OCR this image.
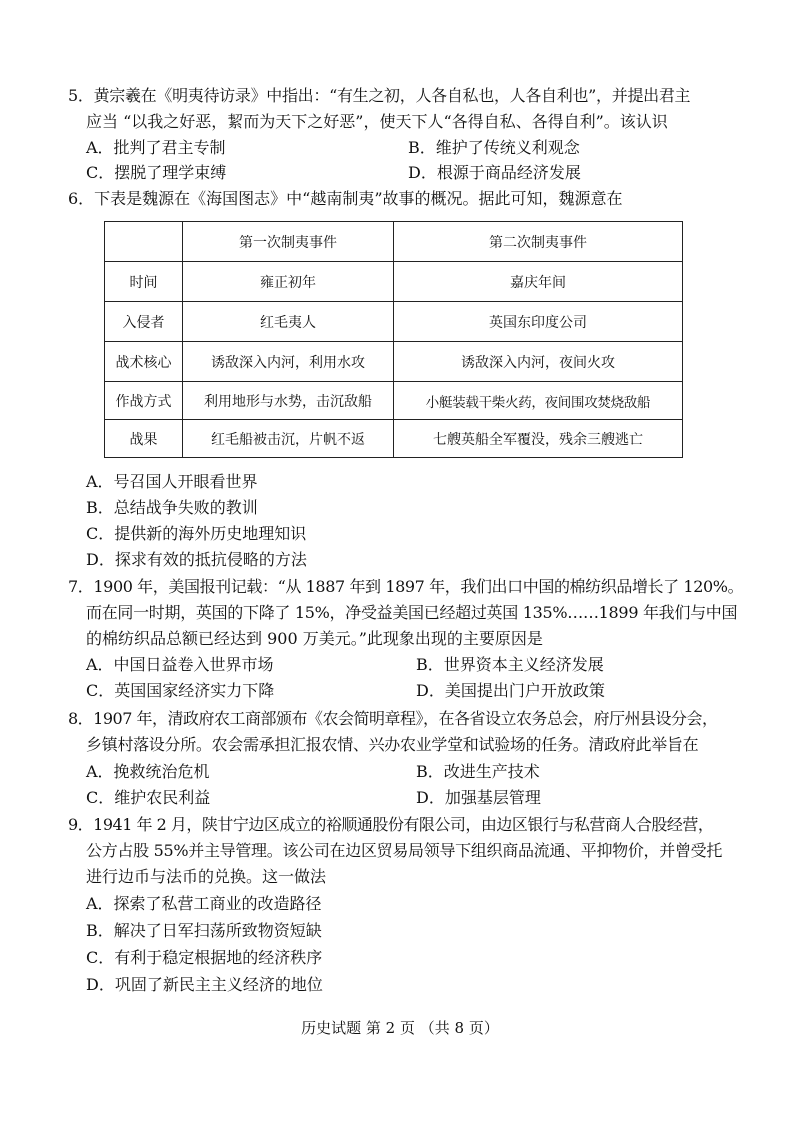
5．黄宗羲在《明夷待访录》中指出：“有生之初，人各自私也，人各自利也”，并提出君主
应当 “以我之好恶，絜而为天下之好恶”，使天下人“各得自私、各得自利”。该认识
A．批判了君主专制	B．维护了传统义利观念
C．摆脱了理学束缚	D．根源于商品经济发展
6．下表是魏源在《海国图志》中“越南制夷”故事的概况。据此可知，魏源意在
	第一次制夷事件	第二次制夷事件
时间	雍正初年	嘉庆年间
入侵者	红毛夷人	英国东印度公司
战术核心	诱敌深入内河，利用水攻	诱敌深入内河，夜间火攻
作战方式	利用地形与水势，击沉敌船	小艇装载干柴火药，夜间围攻焚烧敌船
战果	红毛船被击沉，片帆不返	七艘英船全军覆没，残余三艘逃亡
A．号召国人开眼看世界
B．总结战争失败的教训
C．提供新的海外历史地理知识
D．探求有效的抵抗侵略的方法
7．1900 年，美国报刊记载：“从 1887 年到 1897 年，我们出口中国的棉纺织品增长了 120%。
而在同一时期，英国的下降了 15%，净受益美国已经超过英国 135%……1899 年我们与中国
的棉纺织品总额已经达到 900 万美元。”此现象出现的主要原因是
A．中国日益卷入世界市场	B．世界资本主义经济发展
C．英国国家经济实力下降	D．美国提出门户开放政策
8．1907 年，清政府农工商部颁布《农会简明章程》，在各省设立农务总会，府厅州县设分会，
乡镇村落设分所。农会需承担汇报农情、兴办农业学堂和试验场的任务。清政府此举旨在
A．挽救统治危机	B．改进生产技术
C．维护农民利益	D．加强基层管理
9．1941 年 2 月，陕甘宁边区成立的裕顺通股份有限公司，由边区银行与私营商人合股经营，
公方占股 55%并主导管理。该公司在边区贸易局领导下组织商品流通、平抑物价，并曾受托
进行边币与法币的兑换。这一做法
A．探索了私营工商业的改造路径
B．解决了日军扫荡所致物资短缺
C．有利于稳定根据地的经济秩序
D．巩固了新民主主义经济的地位
历史试题 第 2 页 （共 8 页）
